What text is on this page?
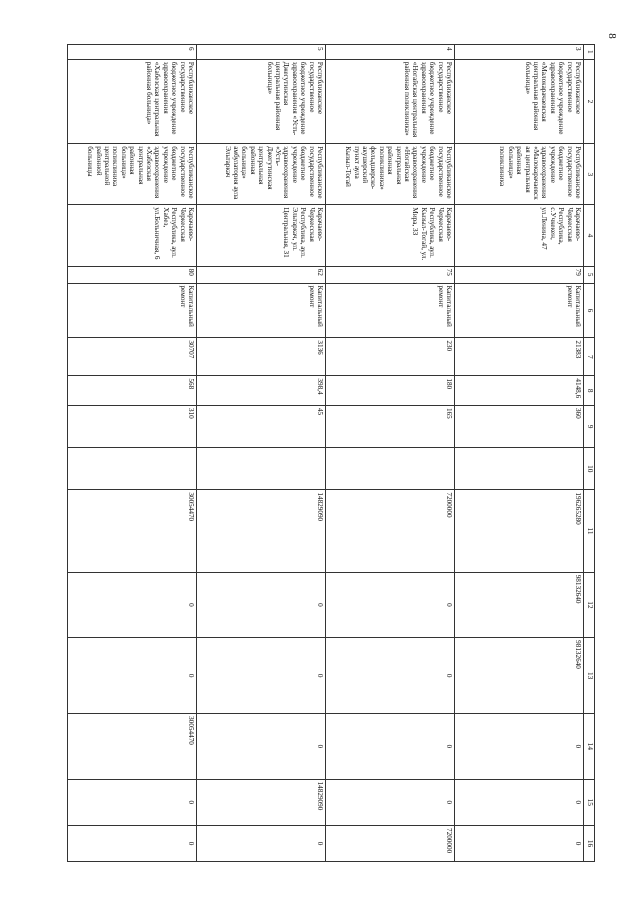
8
1	2	3	4	5	6	7	8	9	10	11	12	13	14	15	16
3	Республиканское государственное бюджетное учреждение здравоохранения «Малокарачаевская центральная районная больница»	Республиканское государственное бюджетное учреждение здравоохранения «Малокарачаевская центральная районная больница» поликлиника	Карачаево-Черкесская Республика, с.Учкекен, ул.Ленина, 47	79	Капитальный ремонт	21383	4148,6	360		196265280	98132640	98132640	0	0	0
4	Республиканское государственное бюджетное учреждение здравоохранения «Ногайская центральная районная поликлиника»	Республиканское государственное бюджетное учреждение здравоохранения «Ногайская центральная районная поликлиника» фельдшерско-акушерский пункт аула Кызыл-Тогай	Карачаево-Черкесская Республика, аул. Кызыл-Тогай, ул. Мира, 33	75	Капитальный ремонт	230	180	165		7200000	0	0	0	0	7200000
5	Республиканское государственное бюджетное учреждение здравоохранения «Усть-Джегутинская центральная районная больница»	Республиканское государственное бюджетное учреждение здравоохранения «Усть-Джегутинская центральная районная больница» амбулатория аула Эльтаркач	Карачаево-Черкесская Республика, аул. Эльтаркач, ул. Центральная, 31	62	Капитальный ремонт	3136	398,4	45		14829090	0	0	0	14829090	0
6	Республиканское государственное бюджетное учреждение здравоохранения «Хабезская центральная районная больница»	Республиканское государственное бюджетное учреждение здравоохранения «Хабезская центральная районная больница» поликлиника центральной районной больницы	Карачаево-Черкесская Республика, аул. Хабез, ул.Больничная, 6	80	Капитальный ремонт	30707	568	310		30054470	0	0	30054470	0	0
